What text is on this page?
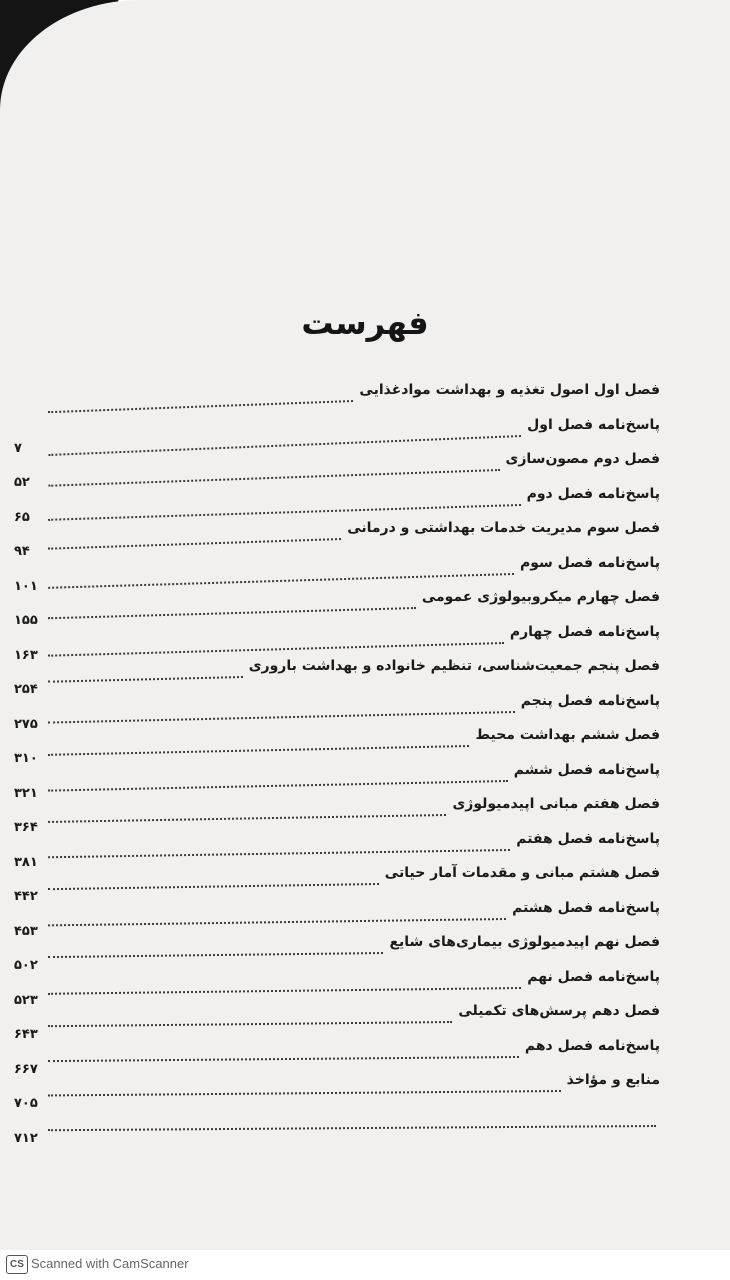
فهرست
فصل اول اصول تغذیه و بهداشت موادغذایی
پاسخ‌نامه فصل اول
۷
فصل دوم مصون‌سازی
۵۲
پاسخ‌نامه فصل دوم
۶۵
فصل سوم مدیریت خدمات بهداشتی و درمانی
۹۴
پاسخ‌نامه فصل سوم
۱۰۱
فصل چهارم میکروبیولوژی عمومی
۱۵۵
پاسخ‌نامه فصل چهارم
۱۶۳
فصل پنجم جمعیت‌شناسی، تنظیم خانواده و بهداشت باروری
۲۵۴
پاسخ‌نامه فصل پنجم
۲۷۵
فصل ششم بهداشت محیط
۳۱۰
پاسخ‌نامه فصل ششم
۳۲۱
فصل هفتم مبانی اپیدمیولوژی
۳۶۴
پاسخ‌نامه فصل هفتم
۳۸۱
فصل هشتم مبانی و مقدمات آمار حیاتی
۴۴۲
پاسخ‌نامه فصل هشتم
۴۵۳
فصل نهم اپیدمیولوژی بیماری‌های شایع
۵۰۲
پاسخ‌نامه فصل نهم
۵۲۳
فصل دهم پرسش‌های تکمیلی
۶۴۳
پاسخ‌نامه فصل دهم
۶۶۷
منابع و مؤاخذ
۷۰۵
۷۱۲
CS Scanned with CamScanner
